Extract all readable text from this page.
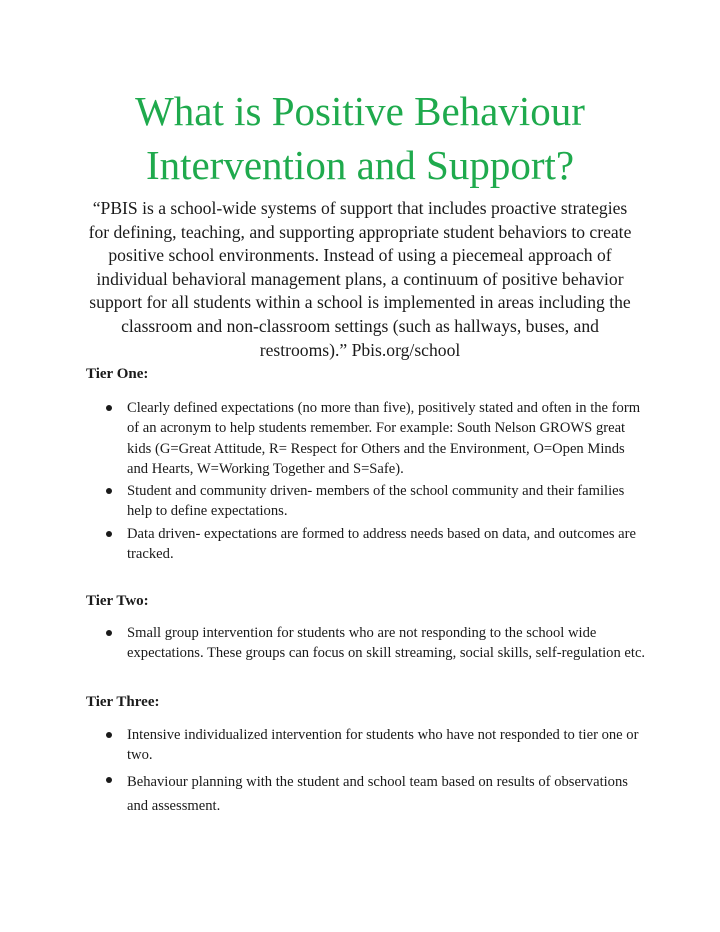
What is Positive Behaviour
Intervention and Support?

“PBIS is a school-wide systems of support that includes proactive strategies for defining, teaching, and supporting appropriate student behaviors to create positive school environments. Instead of using a piecemeal approach of individual behavioral management plans, a continuum of positive behavior support for all students within a school is implemented in areas including the classroom and non-classroom settings (such as hallways, buses, and restrooms).” Pbis.org/school

Tier One:
Clearly defined expectations (no more than five), positively stated and often in the form of an acronym to help students remember. For example: South Nelson GROWS great kids (G=Great Attitude, R= Respect for Others and the Environment, O=Open Minds and Hearts, W=Working Together and S=Safe).
Student and community driven- members of the school community and their families help to define expectations.
Data driven- expectations are formed to address needs based on data, and outcomes are tracked.
Tier Two:
Small group intervention for students who are not responding to the school wide expectations. These groups can focus on skill streaming, social skills, self-regulation etc.
Tier Three:
Intensive individualized intervention for students who have not responded to tier one or two.
Behaviour planning with the student and school team based on results of observations and assessment.
